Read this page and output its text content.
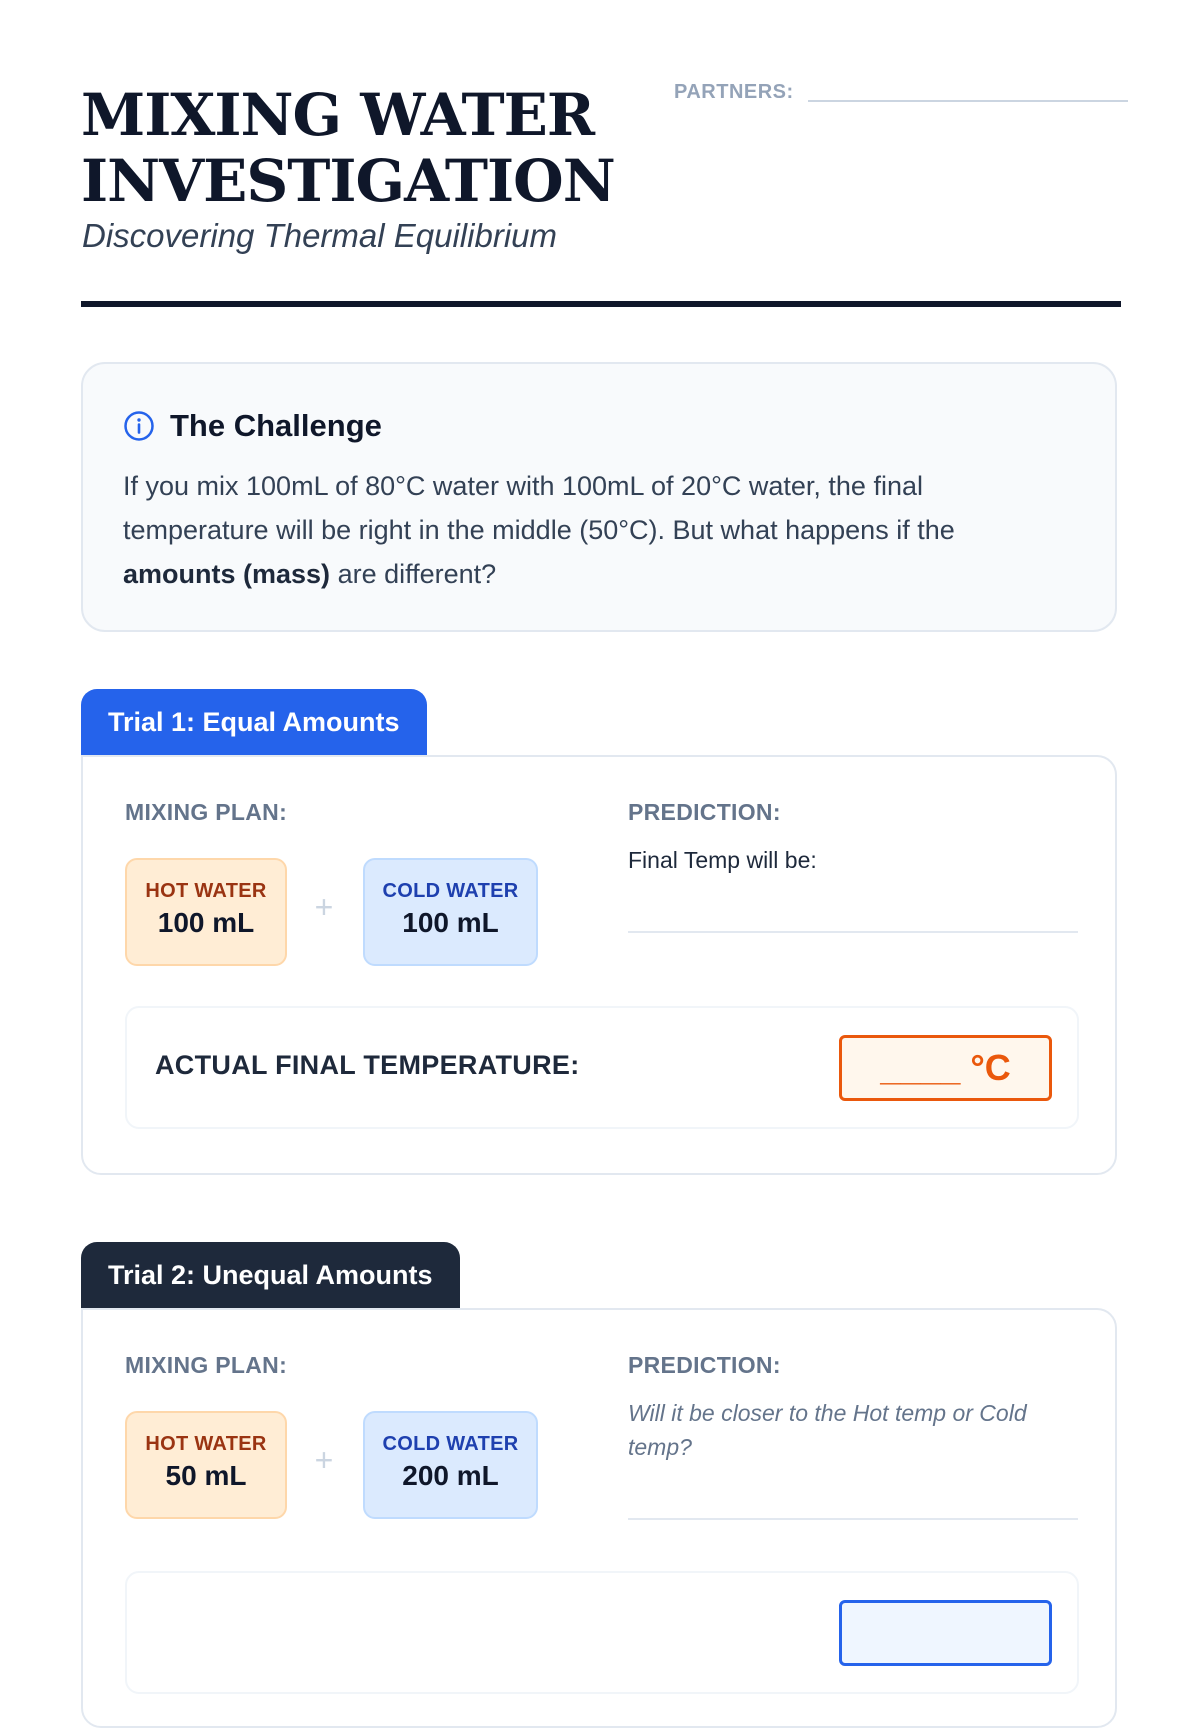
MIXING WATER
INVESTIGATION
Discovering Thermal Equilibrium
PARTNERS:
The Challenge
If you mix 100mL of 80°C water with 100mL of 20°C water, the final temperature will be right in the middle (50°C). But what happens if the amounts (mass) are different?
Trial 1: Equal Amounts
MIXING PLAN:
HOT WATER
100 mL	+	COLD WATER
100 mL
PREDICTION:
Final Temp will be:
ACTUAL FINAL TEMPERATURE:	____ °C
Trial 2: Unequal Amounts
MIXING PLAN:
HOT WATER
50 mL	+	COLD WATER
200 mL
PREDICTION:
Will it be closer to the Hot temp or Cold temp?
